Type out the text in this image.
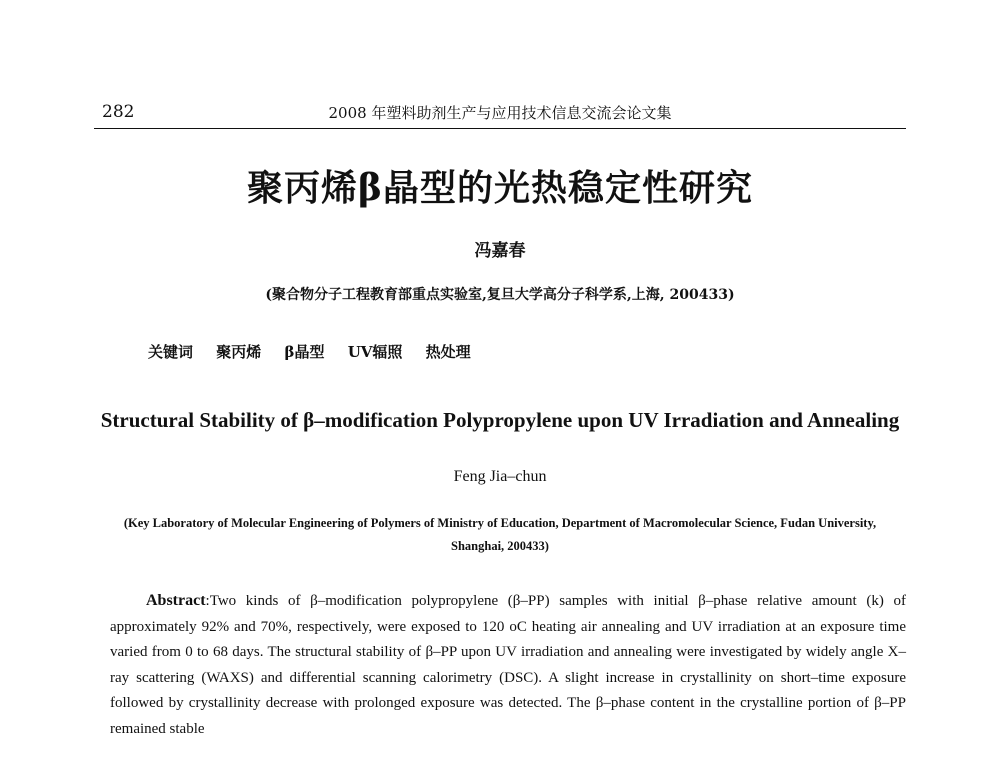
282	2008 年塑料助剂生产与应用技术信息交流会论文集
聚丙烯β晶型的光热稳定性研究
冯嘉春
(聚合物分子工程教育部重点实验室,复旦大学高分子科学系,上海, 200433)
关键词 聚丙烯 β晶型 UV辐照 热处理
Structural Stability of β–modification Polypropylene upon UV Irradiation and Annealing
Feng Jia–chun
(Key Laboratory of Molecular Engineering of Polymers of Ministry of Education, Department of Macromolecular Science, Fudan University, Shanghai, 200433)
Abstract:Two kinds of β–modification polypropylene (β–PP) samples with initial β–phase relative amount (k) of approximately 92% and 70%, respectively, were exposed to 120 oC heating air annealing and UV irradiation at an exposure time varied from 0 to 68 days. The structural stability of β–PP upon UV irradiation and annealing were investigated by widely angle X–ray scattering (WAXS) and differential scanning calorimetry (DSC). A slight increase in crystallinity on short–time exposure followed by crystallinity decrease with prolonged exposure was detected. The β–phase content in the crystalline portion of β–PP remained stable
